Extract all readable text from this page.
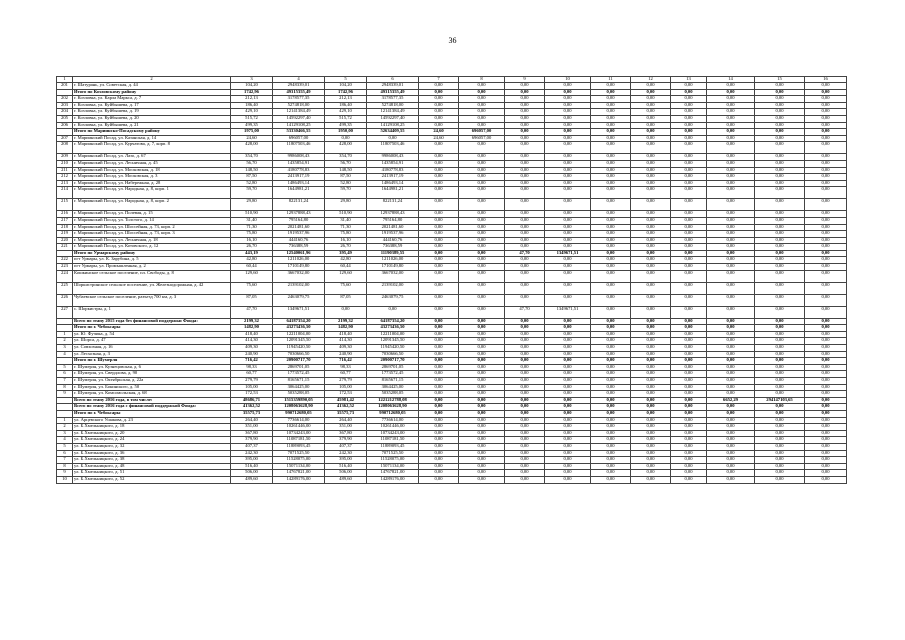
36
1	2	3	4	5	6	7	8	9	10	11	12	13	14	15	16
201	г. Шатурань, ул. Советская, д. 44	104,20	2948339,01	104,20	2948339,01	0,00	0,00	0,00	0,00	0,00	0,00	0,00	0,00	0,00	0,00
	Итого по Козловскому району	1742,96	49315355,49	1742,96	49315355,49	0,00	0,00	0,00	0,00	0,00	0,00	0,00	0,00	0,00	0,00
202	г. Козловка, ул. Карла Маркса, д. 7	212,13	3178577,35	212,13	3178577,35	0,00	0,00	0,00	0,00	0,00	0,00	0,00	0,00	0,00	0,00
203	г. Козловка, ул. Куйбышева, д. 17	186,40	5274818,00	186,40	5274818,00	0,00	0,00	0,00	0,00	0,00	0,00	0,00	0,00	0,00	0,00
204	г. Козловка, ул. Куйбышева, д. 19	429,10	12141384,49	429,10	12141384,49	0,00	0,00	0,00	0,00	0,00	0,00	0,00	0,00	0,00	0,00
205	г. Козловка, ул. Куйбышева, д. 20	515,72	14592297,40	515,72	14592297,40	0,00	0,00	0,00	0,00	0,00	0,00	0,00	0,00	0,00	0,00
206	г. Козловка, ул. Куйбышева, д. 21	499,35	14129108,25	499,35	14129108,25	0,00	0,00	0,00	0,00	0,00	0,00	0,00	0,00	0,00	0,00
	Итого по Мариинско-Посадскому району	1975,00	53330466,55	1950,00	52634409,55	24,60	696057,00	0,00	0,00	0,00	0,00	0,00	0,00	0,00	0,00
207	г. Мариинский Посад, ул. Казанская, д. 14	24,60	696057,00	0,00	0,00	24,60	696057,00	0,00	0,00	0,00	0,00	0,00	0,00	0,00	0,00
208	г. Мариинский Посад, ул. Курчатова, д. 7, корп. 8	428,00	11807503,46	428,00	11807503,46	0,00	0,00	0,00	0,00	0,00	0,00	0,00	0,00	0,00	0,00
209	г. Мариинский Посад, ул. Лазо, д. 67	354,70	9986008,43	354,70	9986008,43	0,00	0,00	0,00	0,00	0,00	0,00	0,00	0,00	0,00	0,00
210	г. Мариинский Посад, ул. Лесничная, д. 45	56,70	1435854,91	56,70	1435854,91	0,00	0,00	0,00	0,00	0,00	0,00	0,00	0,00	0,00	0,00
211	г. Мариинский Посад, ул. Московская, д. 18	148,50	4180778,83	148,50	4180778,83	0,00	0,00	0,00	0,00	0,00	0,00	0,00	0,00	0,00	0,00
212	г. Мариинский Посад, ул. Московская, д. 3	87,50	2413917,19	87,50	2413917,19	0,00	0,00	0,00	0,00	0,00	0,00	0,00	0,00	0,00	0,00
213	г. Мариинский Посад, ул. Набережная, д. 28	52,80	1486493,14	52,80	1486493,14	0,00	0,00	0,00	0,00	0,00	0,00	0,00	0,00	0,00	0,00
214	г. Мариинский Посад, ул. Народная, д. 8, корп. 1	59,70	1644981,21	59,70	1644981,21	0,00	0,00	0,00	0,00	0,00	0,00	0,00	0,00	0,00	0,00
215	г. Мариинский Посад, ул. Народная, д. 8, корп. 2	29,80	822131,24	29,80	822131,24	0,00	0,00	0,00	0,00	0,00	0,00	0,00	0,00	0,00	0,00
216	г. Мариинский Посад, ул. Полевая, д. 15	510,90	12937888,43	510,90	12937888,43	0,00	0,00	0,00	0,00	0,00	0,00	0,00	0,00	0,00	0,00
217	г. Мариинский Посад, ул. Толстого, д. 14	31,40	795164,80	31,40	795164,80	0,00	0,00	0,00	0,00	0,00	0,00	0,00	0,00	0,00	0,00
218	г. Мариинский Посад, ул. Шоссейная, д. 73, корп. 2	71,30	2021481,60	71,30	2021481,60	0,00	0,00	0,00	0,00	0,00	0,00	0,00	0,00	0,00	0,00
219	г. Мариинский Посад, ул. Шоссейная, д. 73, корп. 3	75,80	1919537,96	75,80	1919537,96	0,00	0,00	0,00	0,00	0,00	0,00	0,00	0,00	0,00	0,00
220	г. Мариинский Посад, ул. Лесничная, д. 18	16,10	444160,76	16,10	444160,76	0,00	0,00	0,00	0,00	0,00	0,00	0,00	0,00	0,00	0,00
221	г. Мариинский Посад, ул. Котовского, д. 12	26,70	736388,59	26,70	736388,59	0,00	0,00	0,00	0,00	0,00	0,00	0,00	0,00	0,00	0,00
	Итого по Урмарскому району	443,19	12540061,96	395,49	11190389,55	0,00	0,00	47,70	1349671,51	0,00	0,00	0,00	0,00	0,00	0,00
222	пгт Урмары, ул. К. Зарубина, д. 5	42,80	1211026,00	42,80	1211026,00	0,00	0,00	0,00	0,00	0,00	0,00	0,00	0,00	0,00	0,00
223	пгт Урмары, ул. Промышленная, д. 2	60,44	1710149,80	60,44	1710149,80	0,00	0,00	0,00	0,00	0,00	0,00	0,00	0,00	0,00	0,00
224	Кошкинское сельское поселение, пл. Свободы, д. 8	129,60	3667032,00	129,60	3667032,00	0,00	0,00	0,00	0,00	0,00	0,00	0,00	0,00	0,00	0,00
225	Шоркистринское сельское поселение, ул. Железнодорожная, д. 42	75,60	2139102,00	75,60	2139102,00	0,00	0,00	0,00	0,00	0,00	0,00	0,00	0,00	0,00	0,00
226	Чубаевское сельское поселение, разъезд 700 км, д. 3	87,05	2463079,75	87,05	2463079,75	0,00	0,00	0,00	0,00	0,00	0,00	0,00	0,00	0,00	0,00
227	с. Шоркистры, д. 1	47,70	1349671,51	0,00	0,00	0,00	0,00	47,70	1349671,51	0,00	0,00	0,00	0,00	0,00	0,00
	Всего по этапу 2015 года без финансовой поддержки Фонда:	2199,32	64187354,20	2199,32	64187354,20	0,00	0,00	0,00	0,00	0,00	0,00	0,00	0,00	0,00	0,00
	Итого по г. Чебоксары	1482,90	43273436,50	1482,90	43273436,50	0,00	0,00	0,00	0,00	0,00	0,00	0,00	0,00	0,00	0,00
1	ул. Ю. Фучика, д. 54	418,40	12211004,00	418,40	12211004,00	0,00	0,00	0,00	0,00	0,00	0,00	0,00	0,00	0,00	0,00
2	ул. Шорса, д. 47	414,30	12091345,50	414,30	12091345,50	0,00	0,00	0,00	0,00	0,00	0,00	0,00	0,00	0,00	0,00
3	ул. Совхозная, д. 16	409,30	11945420,50	409,30	11945420,50	0,00	0,00	0,00	0,00	0,00	0,00	0,00	0,00	0,00	0,00
4	ул. Лесхозная, д. 3	240,90	7030666,50	240,90	7030666,50	0,00	0,00	0,00	0,00	0,00	0,00	0,00	0,00	0,00	0,00
	Итого по г. Шумерля	716,42	20900717,70	716,42	20900717,70	0,00	0,00	0,00	0,00	0,00	0,00	0,00	0,00	0,00	0,00
5	г. Шумерля, ул. Кузнецовская, д. 6	98,33	2869701,05	98,33	2869701,05	0,00	0,00	0,00	0,00	0,00	0,00	0,00	0,00	0,00	0,00
6	г. Шумерля, ул. Свердлова, д. 90	60,77	1773572,45	60,77	1773572,45	0,00	0,00	0,00	0,00	0,00	0,00	0,00	0,00	0,00	0,00
7	г. Шумерля, ул. Октябрьская, д. 22а	279,79	8165671,15	279,79	8165671,15	0,00	0,00	0,00	0,00	0,00	0,00	0,00	0,00	0,00	0,00
8	г. Шумерля, ул. Бокинского, д. 50	105,00	3064425,00	105,00	3064425,00	0,00	0,00	0,00	0,00	0,00	0,00	0,00	0,00	0,00	0,00
9	г. Шумерля, ул. Комсомольская, д. 68	172,53	5035288,05	172,53	5035288,05	0,00	0,00	0,00	0,00	0,00	0,00	0,00	0,00	0,00	0,00
	Всего по этапу 2016 года, в том числе:	48686,71	1515359890,05	45981,42	1221212788,08	0,00	0,00	0,00	0,00	0,00	0,00	0,00	6652,29	294147103,65	0,00
	Всего по этапу 2016 года с финансовой поддержкой Фонда:	41362,52	1208063628,90	41362,52	1208063628,90	0,00	0,00	0,00	0,00	0,00	0,00	0,00	0,00	0,00	0,00
	Итого по г. Чебоксары	35575,73	990712680,05	35575,73	990712680,05	0,00	0,00	0,00	0,00	0,00	0,00	0,00	0,00	0,00	0,00
1	ул. Арцевского Ушакова, д. 23	264,40	7736614,00	264,40	7736614,00	0,00	0,00	0,00	0,00	0,00	0,00	0,00	0,00	0,00	0,00
2	ул. Б.Хмельницкого, д. 18	351,00	10261446,00	351,00	10261446,00	0,00	0,00	0,00	0,00	0,00	0,00	0,00	0,00	0,00	0,00
3	ул. Б.Хмельницкого, д. 20	367,80	10734243,00	367,80	10734243,00	0,00	0,00	0,00	0,00	0,00	0,00	0,00	0,00	0,00	0,00
4	ул. Б.Хмельницкого, д. 24	379,90	11087181,50	379,90	11087181,50	0,00	0,00	0,00	0,00	0,00	0,00	0,00	0,00	0,00	0,00
5	ул. Б.Хмельницкого, д. 32	407,37	11889093,45	407,37	11889093,45	0,00	0,00	0,00	0,00	0,00	0,00	0,00	0,00	0,00	0,00
6	ул. Б.Хмельницкого, д. 36	242,30	7071525,50	242,30	7071525,50	0,00	0,00	0,00	0,00	0,00	0,00	0,00	0,00	0,00	0,00
7	ул. Б.Хмельницкого, д. 38	395,00	11528075,00	395,00	11528075,00	0,00	0,00	0,00	0,00	0,00	0,00	0,00	0,00	0,00	0,00
8	ул. Б.Хмельницкого, д. 48	516,40	15071134,00	516,40	15071134,00	0,00	0,00	0,00	0,00	0,00	0,00	0,00	0,00	0,00	0,00
9	ул. Б.Хмельницкого, д. 51	506,00	14767821,00	506,00	14767821,00	0,00	0,00	0,00	0,00	0,00	0,00	0,00	0,00	0,00	0,00
10	ул. Б.Хмельницкого, д. 52	489,60	14289176,00	489,60	14289176,00	0,00	0,00	0,00	0,00	0,00	0,00	0,00	0,00	0,00	0,00
